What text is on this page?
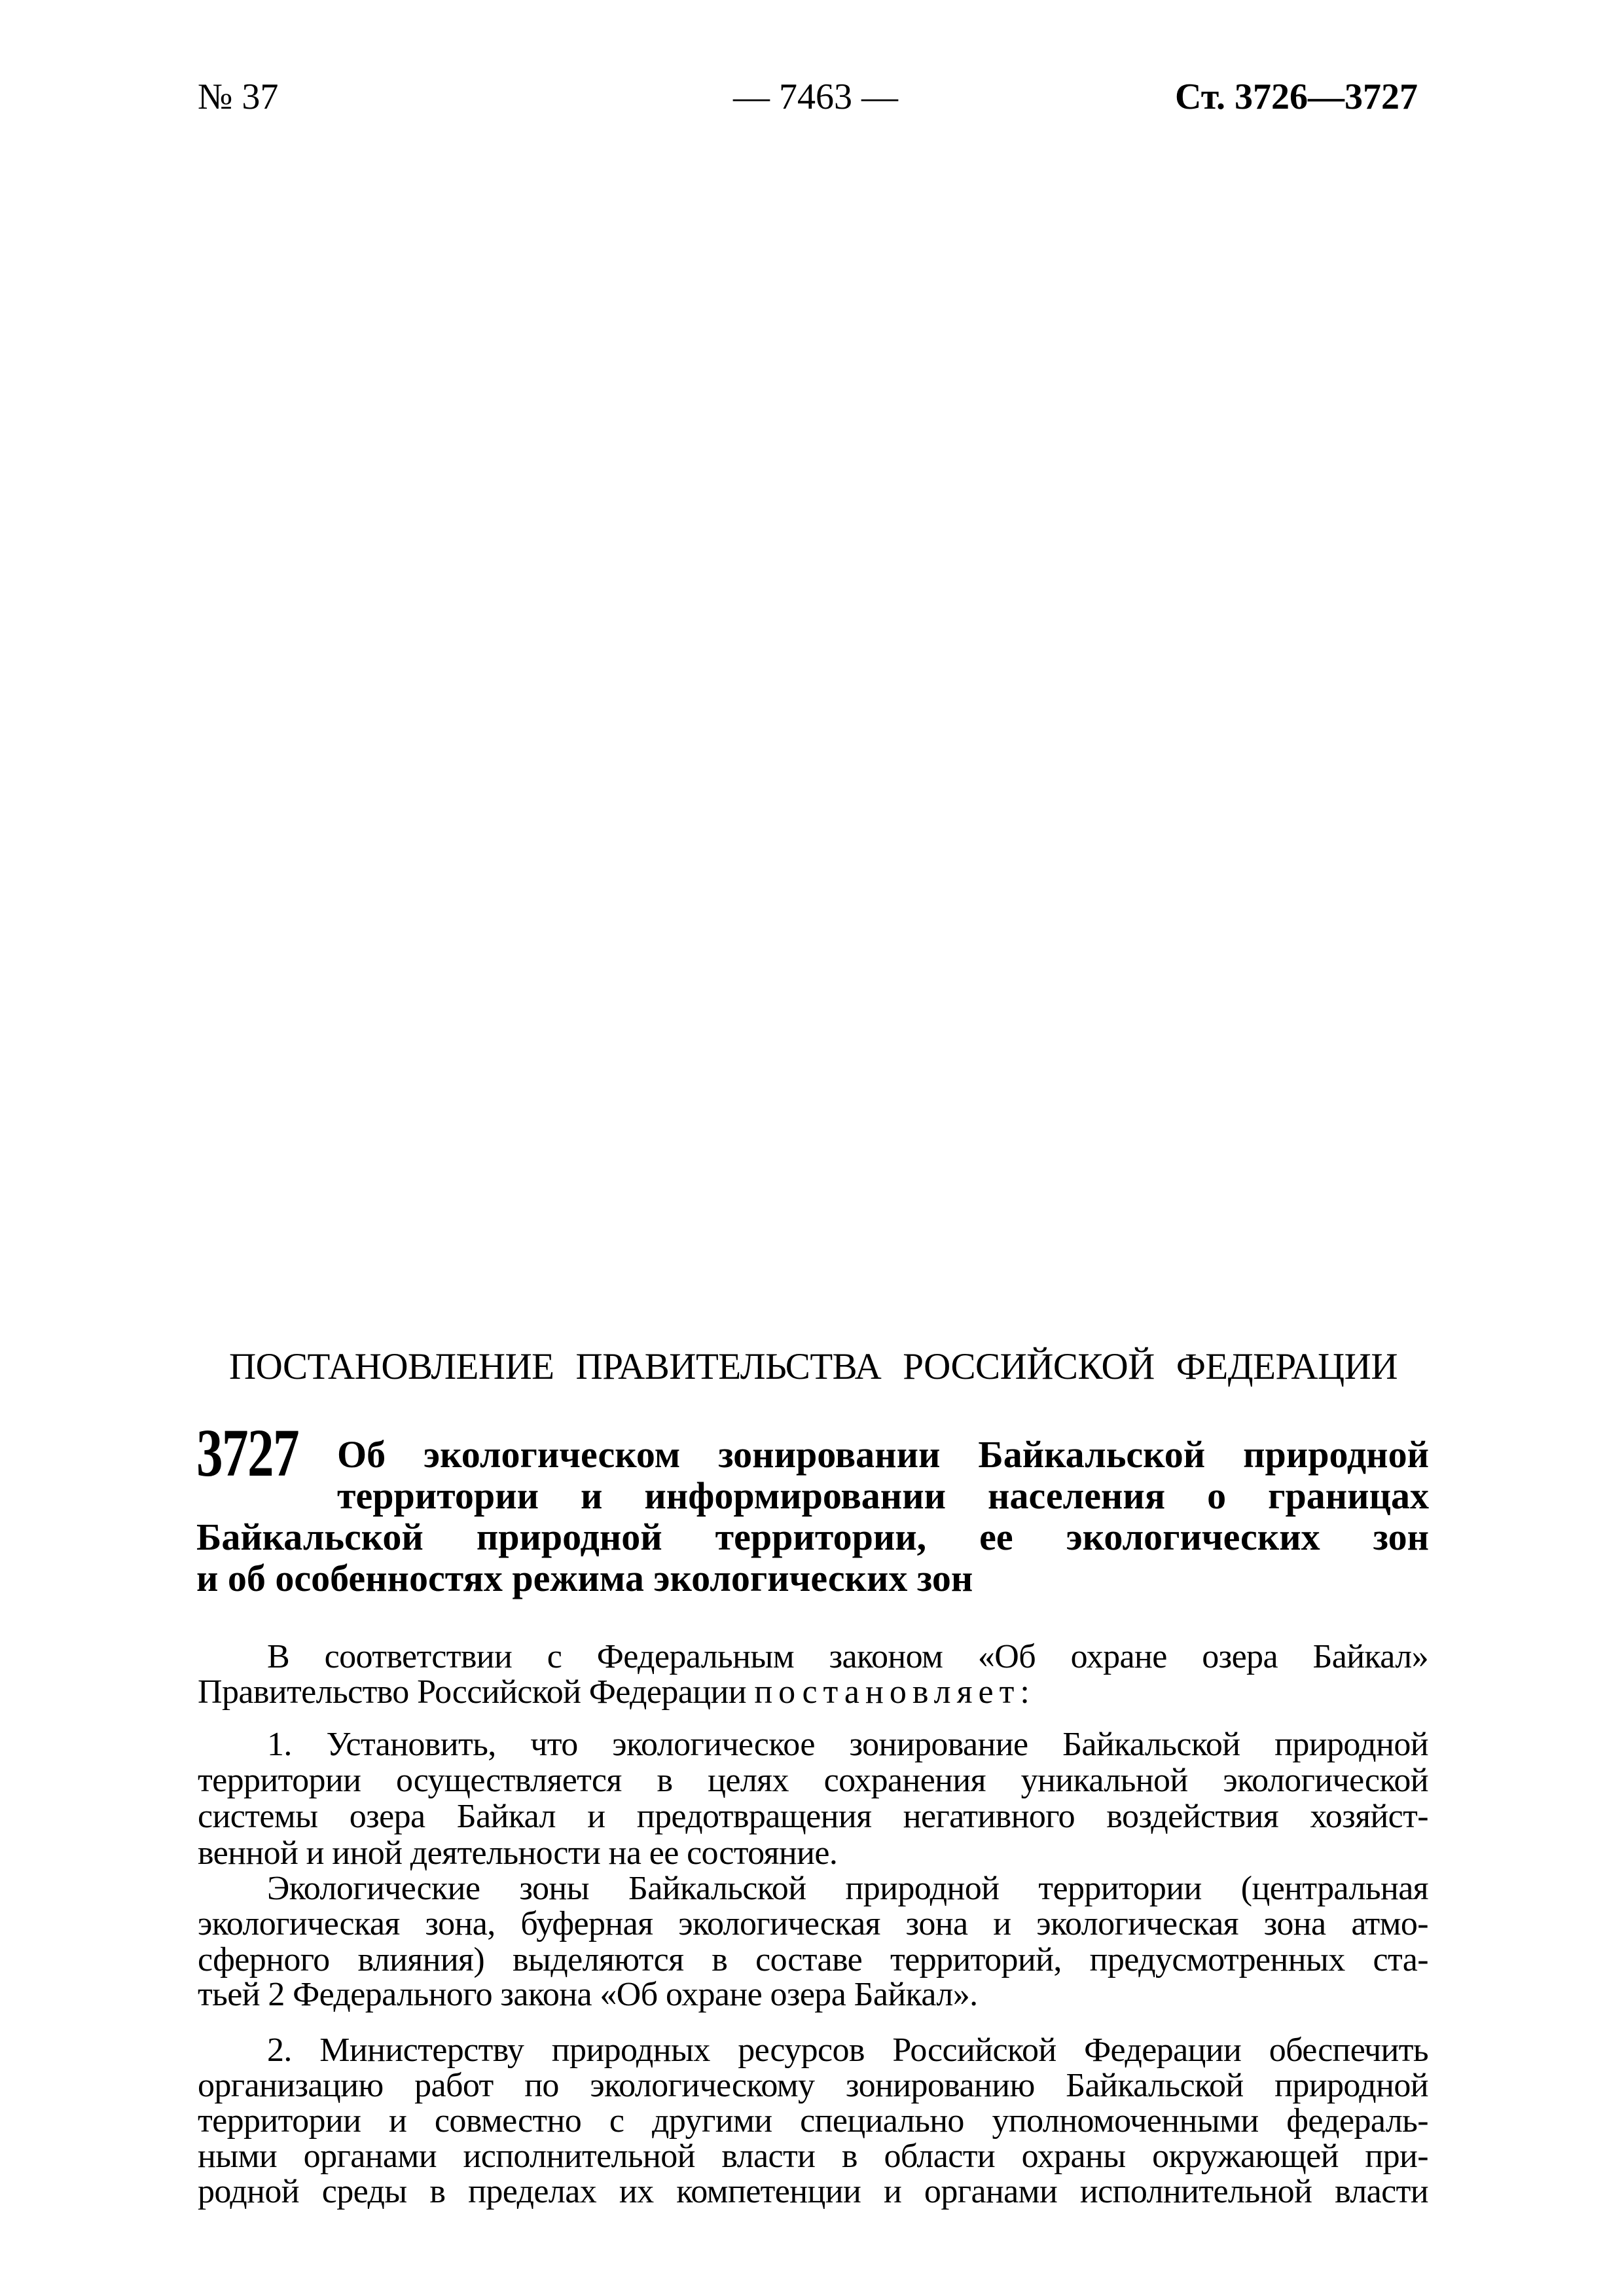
№ 37	— 7463 —	Ст. 3726—3727
ПОСТАНОВЛЕНИЕ ПРАВИТЕЛЬСТВА РОССИЙСКОЙ ФЕДЕРАЦИИ
3727 Об экологическом зонировании Байкальской природной
территории и информировании населения о границах
Байкальской природной территории, ее экологических зон
и об особенностях режима экологических зон
В соответствии с Федеральным законом «Об охране озера Байкал»
Правительство Российской Федерации постановляет:
1. Установить, что экологическое зонирование Байкальской природной
территории осуществляется в целях сохранения уникальной экологической
системы озера Байкал и предотвращения негативного воздействия хозяйст-
венной и иной деятельности на ее состояние.
Экологические зоны Байкальской природной территории (центральная
экологическая зона, буферная экологическая зона и экологическая зона атмо-
сферного влияния) выделяются в составе территорий, предусмотренных ста-
тьей 2 Федерального закона «Об охране озера Байкал».
2. Министерству природных ресурсов Российской Федерации обеспечить
организацию работ по экологическому зонированию Байкальской природной
территории и совместно с другими специально уполномоченными федераль-
ными органами исполнительной власти в области охраны окружающей при-
родной среды в пределах их компетенции и органами исполнительной власти
